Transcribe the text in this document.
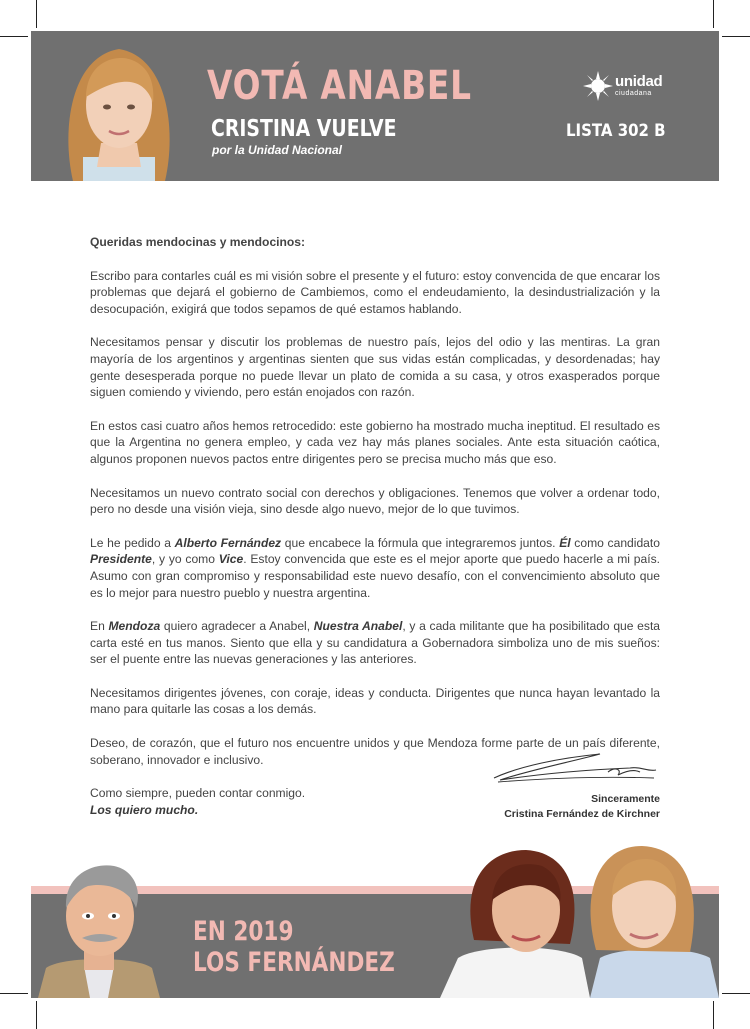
VOTÁ ANABEL
CRISTINA VUELVE
por la Unidad Nacional
unidad
ciudadana
LISTA 302 B

Queridas mendocinas y mendocinos:

Escribo para contarles cuál es mi visión sobre el presente y el futuro: estoy convencida de que encarar los problemas que dejará el gobierno de Cambiemos, como el endeudamiento, la desindustrialización y la desocupación, exigirá que todos sepamos de qué estamos hablando.

Necesitamos pensar y discutir los problemas de nuestro país, lejos del odio y las mentiras. La gran mayoría de los argentinos y argentinas sienten que sus vidas están complicadas, y desordenadas; hay gente desesperada porque no puede llevar un plato de comida a su casa, y otros exasperados porque siguen comiendo y viviendo, pero están enojados con razón.

En estos casi cuatro años hemos retrocedido: este gobierno ha mostrado mucha ineptitud. El resultado es que la Argentina no genera empleo, y cada vez hay más planes sociales. Ante esta situación caótica, algunos proponen nuevos pactos entre dirigentes pero se precisa mucho más que eso.

Necesitamos un nuevo contrato social con derechos y obligaciones. Tenemos que volver a ordenar todo, pero no desde una visión vieja, sino desde algo nuevo, mejor de lo que tuvimos.

Le he pedido a Alberto Fernández que encabece la fórmula que integraremos juntos. Él como candidato Presidente, y yo como Vice. Estoy convencida que este es el mejor aporte que puedo hacerle a mi país. Asumo con gran compromiso y responsabilidad este nuevo desafío, con el convencimiento absoluto que es lo mejor para nuestro pueblo y nuestra argentina.

En Mendoza quiero agradecer a Anabel, Nuestra Anabel, y a cada militante que ha posibilitado que esta carta esté en tus manos. Siento que ella y su candidatura a Gobernadora simboliza uno de mis sueños: ser el puente entre las nuevas generaciones y las anteriores.

Necesitamos dirigentes jóvenes, con coraje, ideas y conducta. Dirigentes que nunca hayan levantado la mano para quitarle las cosas a los demás.

Deseo, de corazón, que el futuro nos encuentre unidos y que Mendoza forme parte de un país diferente, soberano, innovador e inclusivo.

Como siempre, pueden contar conmigo.
Los quiero mucho.

Sinceramente
Cristina Fernández de Kirchner
EN 2019
LOS FERNÁNDEZ
